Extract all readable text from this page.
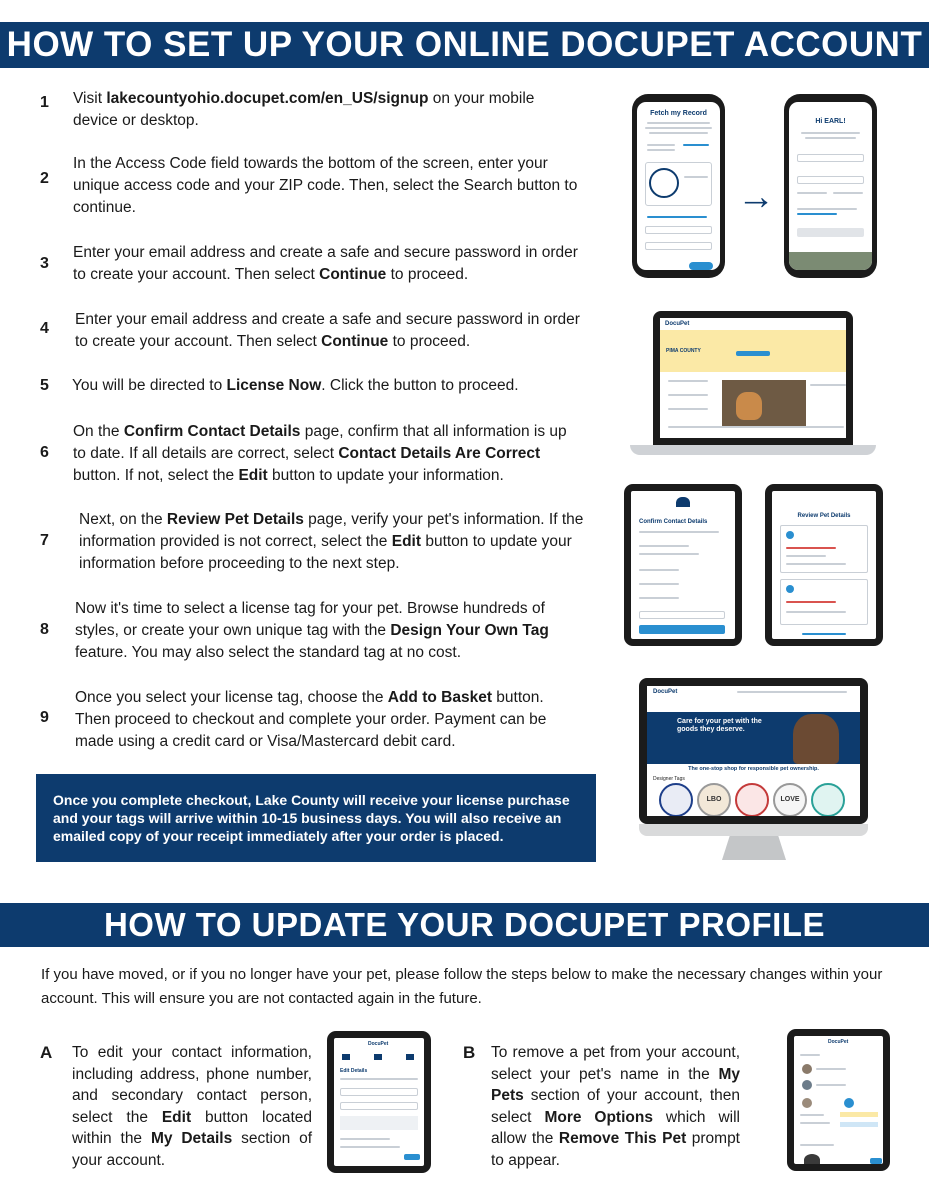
HOW TO SET UP YOUR ONLINE DOCUPET ACCOUNT
1	Visit lakecountyohio.docupet.com/en_US/signup on your mobile device or desktop.
2
In the Access Code field towards the bottom of the screen, enter your unique access code and your ZIP code. Then, select the Search button to continue.
3
Enter your email address and create a safe and secure password in order to create your account. Then select Continue to proceed.
4
Enter your email address and create a safe and secure password in order to create your account. Then select Continue to proceed.
5	You will be directed to License Now. Click the button to proceed.
6
On the Confirm Contact Details page, confirm that all information is up to date. If all details are correct, select Contact Details Are Correct button. If not, select the Edit button to update your information.
7
Next, on the Review Pet Details page, verify your pet's information. If the information provided is not correct, select the Edit button to update your information before proceeding to the next step.
8
Now it's time to select a license tag for your pet. Browse hundreds of styles, or create your own unique tag with the Design Your Own Tag feature. You may also select the standard tag at no cost.
9
Once you select your license tag, choose the Add to Basket button. Then proceed to checkout and complete your order. Payment can be made using a credit card or Visa/Mastercard debit card.
Once you complete checkout, Lake County will receive your license purchase and your tags will arrive within 10-15 business days. You will also receive an emailed copy of your receipt immediately after your order is placed.
Fetch my Record
→
Hi EARL!
DocuPet
PIMA COUNTY
Confirm Contact Details
Review Pet Details
DocuPet
Care for your pet with the goods they deserve.
The one-stop shop for responsible pet ownership.
Designer Tags
LBO	LOVE
HOW TO UPDATE YOUR DOCUPET PROFILE
If you have moved, or if you no longer have your pet, please follow the steps below to make the necessary changes within your account. This will ensure you are not contacted again in the future.
A To edit your contact information, including address, phone number, and secondary contact person, select the Edit button located within the My Details section of your account.
DocuPet
Edit Details
B To remove a pet from your account, select your pet's name in the My Pets section of your account, then select More Options which will allow the Remove This Pet prompt to appear.
DocuPet
